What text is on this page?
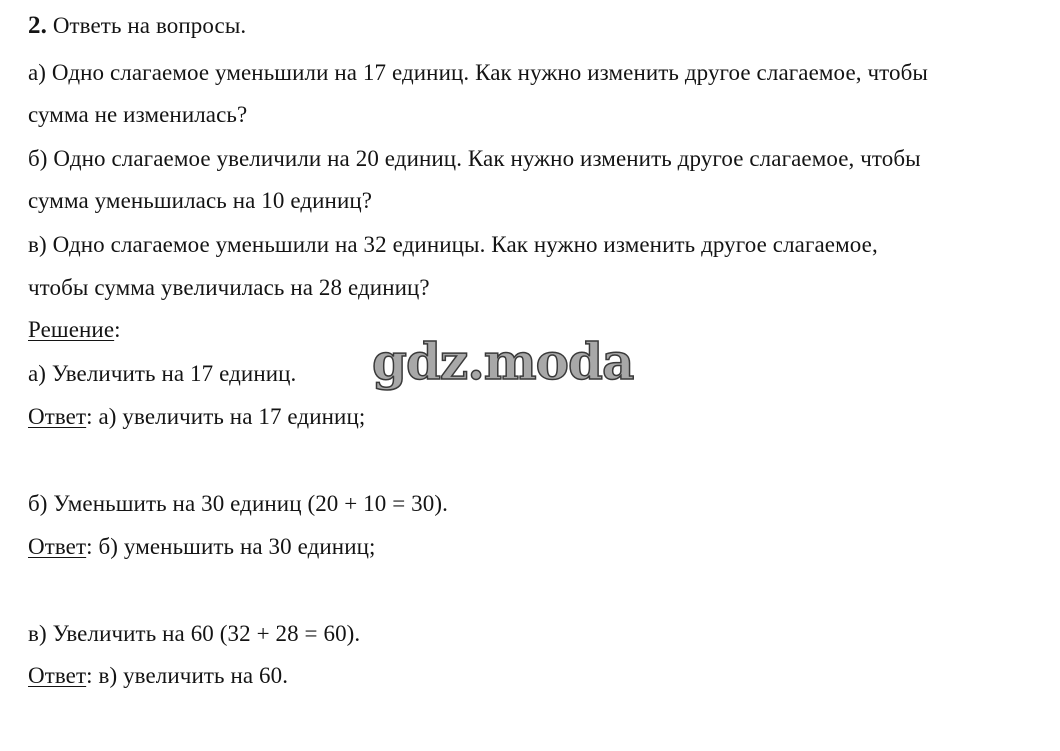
2. Ответь на вопросы.
а) Одно слагаемое уменьшили на 17 единиц. Как нужно изменить другое слагаемое, чтобы
сумма не изменилась?
б) Одно слагаемое увеличили на 20 единиц. Как нужно изменить другое слагаемое, чтобы
сумма уменьшилась на 10 единиц?
в) Одно слагаемое уменьшили на 32 единицы. Как нужно изменить другое слагаемое,
чтобы сумма увеличилась на 28 единиц?
Решение:
а) Увеличить на 17 единиц.
Ответ: а) увеличить на 17 единиц;
б) Уменьшить на 30 единиц (20 + 10 = 30).
Ответ: б) уменьшить на 30 единиц;
в) Увеличить на 60 (32 + 28 = 60).
Ответ: в) увеличить на 60.
gdz.moda
